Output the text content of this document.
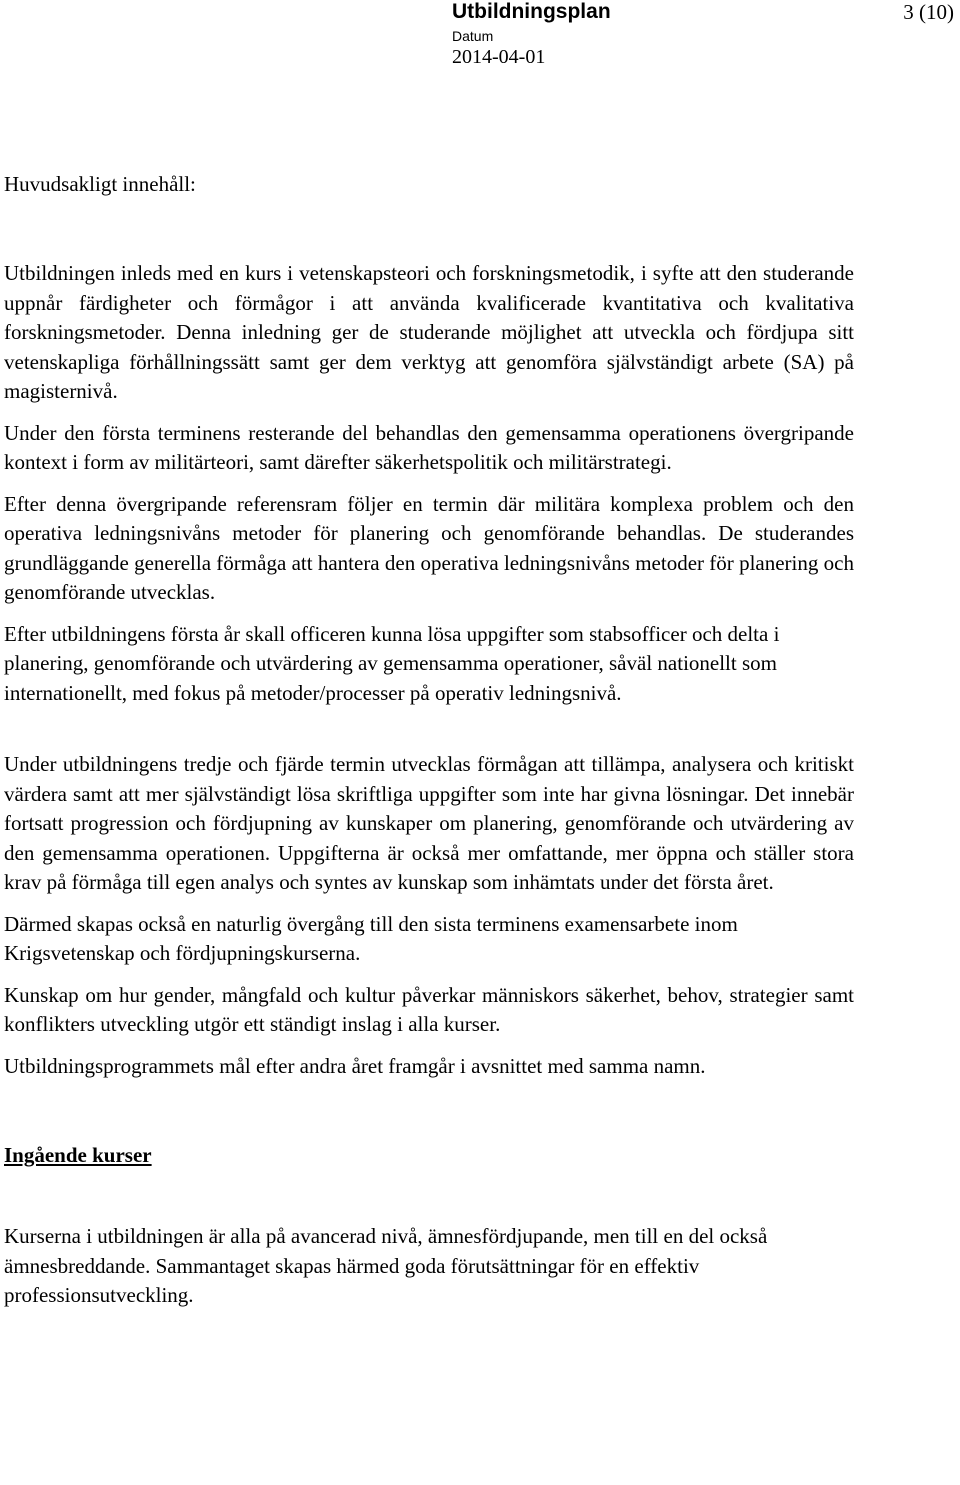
Utbildningsplan	3 (10)
Datum
2014-04-01

Huvudsakligt innehåll:

Utbildningen inleds med en kurs i vetenskapsteori och forskningsmetodik, i syfte att den studerande uppnår färdigheter och förmågor i att använda kvalificerade kvantitativa och kvalitativa forskningsmetoder. Denna inledning ger de studerande möjlighet att utveckla och fördjupa sitt vetenskapliga förhållningssätt samt ger dem verktyg att genomföra självständigt arbete (SA) på magisternivå.

Under den första terminens resterande del behandlas den gemensamma operationens övergripande kontext i form av militärteori, samt därefter säkerhetspolitik och militärstrategi.

Efter denna övergripande referensram följer en termin där militära komplexa problem och den operativa ledningsnivåns metoder för planering och genomförande behandlas. De studerandes grundläggande generella förmåga att hantera den operativa ledningsnivåns metoder för planering och genomförande utvecklas.

Efter utbildningens första år skall officeren kunna lösa uppgifter som stabsofficer och delta i planering, genomförande och utvärdering av gemensamma operationer, såväl nationellt som internationellt, med fokus på metoder/processer på operativ ledningsnivå.

Under utbildningens tredje och fjärde termin utvecklas förmågan att tillämpa, analysera och kritiskt värdera samt att mer självständigt lösa skriftliga uppgifter som inte har givna lösningar. Det innebär fortsatt progression och fördjupning av kunskaper om planering, genomförande och utvärdering av den gemensamma operationen. Uppgifterna är också mer omfattande, mer öppna och ställer stora krav på förmåga till egen analys och syntes av kunskap som inhämtats under det första året.

Därmed skapas också en naturlig övergång till den sista terminens examensarbete inom Krigsvetenskap och fördjupningskurserna.

Kunskap om hur gender, mångfald och kultur påverkar människors säkerhet, behov, strategier samt konflikters utveckling utgör ett ständigt inslag i alla kurser.

Utbildningsprogrammets mål efter andra året framgår i avsnittet med samma namn.

Ingående kurser

Kurserna i utbildningen är alla på avancerad nivå, ämnesfördjupande, men till en del också ämnesbreddande. Sammantaget skapas härmed goda förutsättningar för en effektiv professionsutveckling.
